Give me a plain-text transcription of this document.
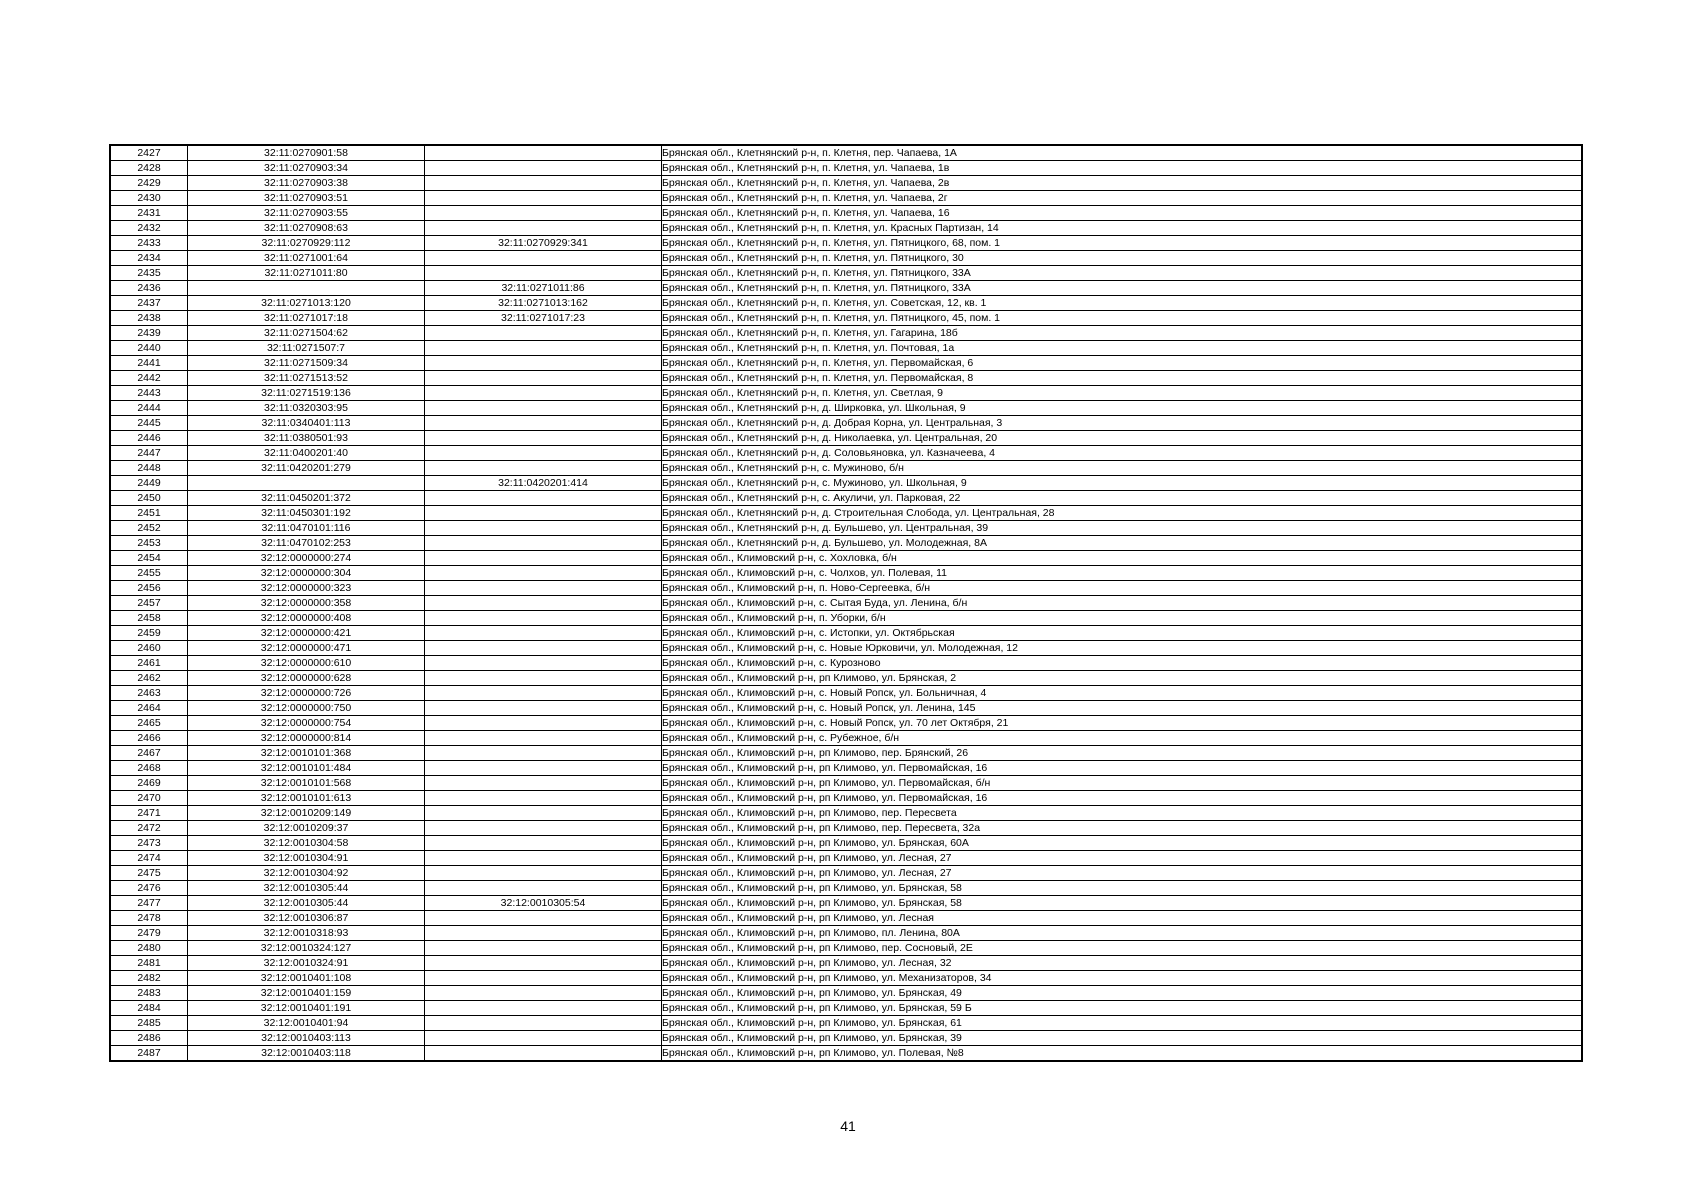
2427	32:11:0270901:58		Брянская обл., Клетнянский р-н, п. Клетня, пер. Чапаева, 1А
2428	32:11:0270903:34		Брянская обл., Клетнянский р-н, п. Клетня, ул. Чапаева, 1в
2429	32:11:0270903:38		Брянская обл., Клетнянский р-н, п. Клетня, ул. Чапаева, 2в
2430	32:11:0270903:51		Брянская обл., Клетнянский р-н, п. Клетня, ул. Чапаева, 2г
2431	32:11:0270903:55		Брянская обл., Клетнянский р-н, п. Клетня, ул. Чапаева, 16
2432	32:11:0270908:63		Брянская обл., Клетнянский р-н, п. Клетня, ул. Красных Партизан, 14
2433	32:11:0270929:112	32:11:0270929:341	Брянская обл., Клетнянский р-н, п. Клетня, ул. Пятницкого, 68, пом. 1
2434	32:11:0271001:64		Брянская обл., Клетнянский р-н, п. Клетня, ул. Пятницкого, 30
2435	32:11:0271011:80		Брянская обл., Клетнянский р-н, п. Клетня, ул. Пятницкого, 33А
2436		32:11:0271011:86	Брянская обл., Клетнянский р-н, п. Клетня, ул. Пятницкого, 33А
2437	32:11:0271013:120	32:11:0271013:162	Брянская обл., Клетнянский р-н, п. Клетня, ул. Советская, 12, кв. 1
2438	32:11:0271017:18	32:11:0271017:23	Брянская обл., Клетнянский р-н, п. Клетня, ул. Пятницкого, 45, пом. 1
2439	32:11:0271504:62		Брянская обл., Клетнянский р-н, п. Клетня, ул. Гагарина, 18б
2440	32:11:0271507:7		Брянская обл., Клетнянский р-н, п. Клетня, ул. Почтовая, 1а
2441	32:11:0271509:34		Брянская обл., Клетнянский р-н, п. Клетня, ул. Первомайская, 6
2442	32:11:0271513:52		Брянская обл., Клетнянский р-н, п. Клетня, ул. Первомайская, 8
2443	32:11:0271519:136		Брянская обл., Клетнянский р-н, п. Клетня, ул. Светлая, 9
2444	32:11:0320303:95		Брянская обл., Клетнянский р-н, д. Ширковка, ул. Школьная, 9
2445	32:11:0340401:113		Брянская обл., Клетнянский р-н, д. Добрая Корна, ул. Центральная, 3
2446	32:11:0380501:93		Брянская обл., Клетнянский р-н, д. Николаевка, ул. Центральная, 20
2447	32:11:0400201:40		Брянская обл., Клетнянский р-н, д. Соловьяновка, ул. Казначеева, 4
2448	32:11:0420201:279		Брянская обл., Клетнянский р-н, с. Мужиново, б/н
2449		32:11:0420201:414	Брянская обл., Клетнянский р-н, с. Мужиново, ул. Школьная, 9
2450	32:11:0450201:372		Брянская обл., Клетнянский р-н, с. Акуличи, ул. Парковая, 22
2451	32:11:0450301:192		Брянская обл., Клетнянский р-н, д. Строительная Слобода, ул. Центральная, 28
2452	32:11:0470101:116		Брянская обл., Клетнянский р-н, д. Бульшево, ул. Центральная, 39
2453	32:11:0470102:253		Брянская обл., Клетнянский р-н, д. Бульшево, ул. Молодежная, 8А
2454	32:12:0000000:274		Брянская обл., Климовский р-н, с. Хохловка, б/н
2455	32:12:0000000:304		Брянская обл., Климовский р-н, с. Чолхов, ул. Полевая, 11
2456	32:12:0000000:323		Брянская обл., Климовский р-н, п. Ново-Сергеевка, б/н
2457	32:12:0000000:358		Брянская обл., Климовский р-н, с. Сытая Буда, ул. Ленина, б/н
2458	32:12:0000000:408		Брянская обл., Климовский р-н, п. Уборки, б/н
2459	32:12:0000000:421		Брянская обл., Климовский р-н, с. Истопки, ул. Октябрьская
2460	32:12:0000000:471		Брянская обл., Климовский р-н, с. Новые Юрковичи, ул. Молодежная, 12
2461	32:12:0000000:610		Брянская обл., Климовский р-н, с. Курозново
2462	32:12:0000000:628		Брянская обл., Климовский р-н, рп Климово, ул. Брянская, 2
2463	32:12:0000000:726		Брянская обл., Климовский р-н, с. Новый Ропск, ул. Больничная, 4
2464	32:12:0000000:750		Брянская обл., Климовский р-н, с. Новый Ропск, ул. Ленина, 145
2465	32:12:0000000:754		Брянская обл., Климовский р-н, с. Новый Ропск, ул. 70 лет Октября, 21
2466	32:12:0000000:814		Брянская обл., Климовский р-н, с. Рубежное, б/н
2467	32:12:0010101:368		Брянская обл., Климовский р-н, рп Климово, пер. Брянский, 26
2468	32:12:0010101:484		Брянская обл., Климовский р-н, рп Климово, ул. Первомайская, 16
2469	32:12:0010101:568		Брянская обл., Климовский р-н, рп Климово, ул. Первомайская, б/н
2470	32:12:0010101:613		Брянская обл., Климовский р-н, рп Климово, ул. Первомайская, 16
2471	32:12:0010209:149		Брянская обл., Климовский р-н, рп Климово, пер. Пересвета
2472	32:12:0010209:37		Брянская обл., Климовский р-н, рп Климово, пер. Пересвета, 32а
2473	32:12:0010304:58		Брянская обл., Климовский р-н, рп Климово, ул. Брянская, 60А
2474	32:12:0010304:91		Брянская обл., Климовский р-н, рп Климово, ул. Лесная, 27
2475	32:12:0010304:92		Брянская обл., Климовский р-н, рп Климово, ул. Лесная, 27
2476	32:12:0010305:44		Брянская обл., Климовский р-н, рп Климово, ул. Брянская, 58
2477	32:12:0010305:44	32:12:0010305:54	Брянская обл., Климовский р-н, рп Климово, ул. Брянская, 58
2478	32:12:0010306:87		Брянская обл., Климовский р-н, рп Климово, ул. Лесная
2479	32:12:0010318:93		Брянская обл., Климовский р-н, рп Климово, пл. Ленина, 80А
2480	32:12:0010324:127		Брянская обл., Климовский р-н, рп Климово, пер. Сосновый, 2Е
2481	32:12:0010324:91		Брянская обл., Климовский р-н, рп Климово, ул. Лесная, 32
2482	32:12:0010401:108		Брянская обл., Климовский р-н, рп Климово, ул. Механизаторов, 34
2483	32:12:0010401:159		Брянская обл., Климовский р-н, рп Климово, ул. Брянская, 49
2484	32:12:0010401:191		Брянская обл., Климовский р-н, рп Климово, ул. Брянская, 59 Б
2485	32:12:0010401:94		Брянская обл., Климовский р-н, рп Климово, ул. Брянская, 61
2486	32:12:0010403:113		Брянская обл., Климовский р-н, рп Климово, ул. Брянская, 39
2487	32:12:0010403:118		Брянская обл., Климовский р-н, рп Климово, ул. Полевая, №8
41
